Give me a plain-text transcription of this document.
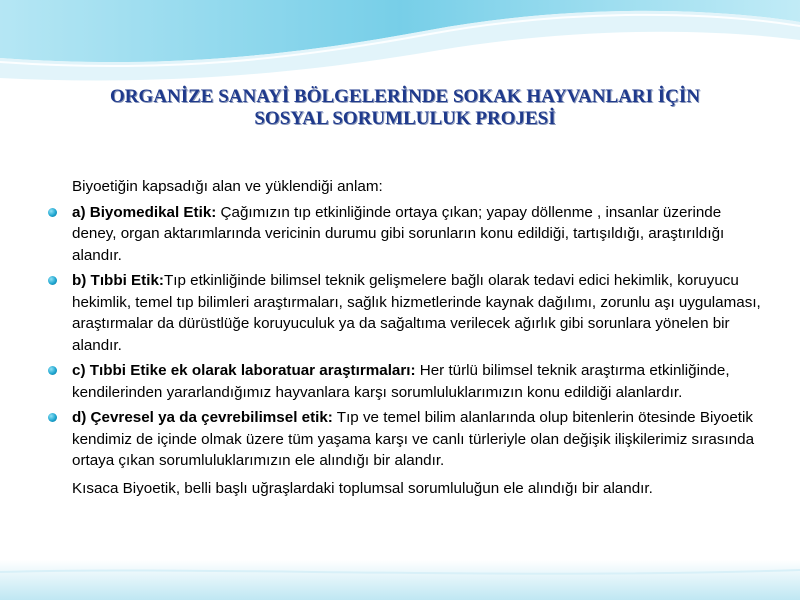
ORGANİZE SANAYİ BÖLGELERİNDE SOKAK HAYVANLARI İÇİN
SOSYAL SORUMLULUK PROJESİ

Biyoetiğin kapsadığı alan ve yüklendiği anlam:

a) Biyomedikal Etik: Çağımızın tıp etkinliğinde ortaya çıkan; yapay döllenme , insanlar üzerinde deney, organ aktarımlarında vericinin durumu gibi sorunların konu edildiği, tartışıldığı, araştırıldığı alandır.

b) Tıbbi Etik:Tıp etkinliğinde bilimsel teknik gelişmelere bağlı olarak tedavi edici hekimlik, koruyucu hekimlik, temel tıp bilimleri araştırmaları, sağlık hizmetlerinde kaynak dağılımı, zorunlu aşı uygulaması, araştırmalar da dürüstlüğe koruyuculuk ya da sağaltıma verilecek ağırlık gibi sorunlara yönelen bir alandır.

c) Tıbbi Etike ek olarak laboratuar araştırmaları: Her türlü bilimsel teknik araştırma etkinliğinde, kendilerinden yararlandığımız hayvanlara karşı sorumluluklarımızın konu edildiği alanlardır.

d) Çevresel ya da çevrebilimsel etik: Tıp ve temel bilim alanlarında olup bitenlerin ötesinde Biyoetik kendimiz de içinde olmak üzere tüm yaşama karşı ve canlı türleriyle olan değişik ilişkilerimiz sırasında ortaya çıkan sorumluluklarımızın ele alındığı bir alandır.

Kısaca Biyoetik, belli başlı uğraşlardaki toplumsal sorumluluğun ele alındığı bir alandır.
